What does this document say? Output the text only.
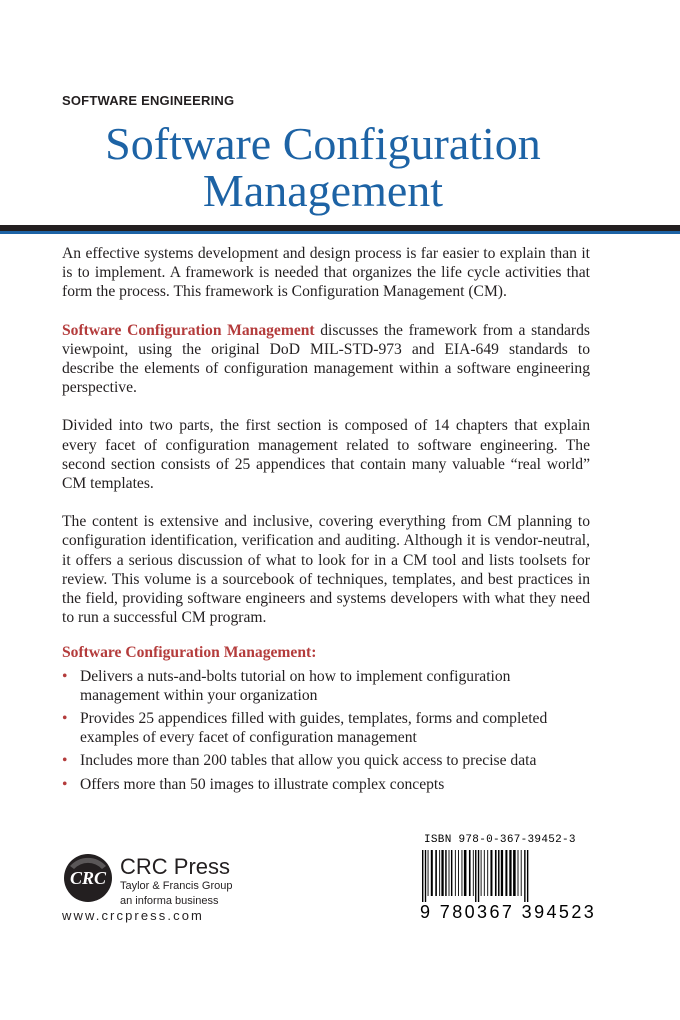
SOFTWARE ENGINEERING
Software Configuration
Management

An effective systems development and design process is far easier to explain than it is to implement. A framework is needed that organizes the life cycle activities that form the process. This framework is Configuration Management (CM).

Software Configuration Management discusses the framework from a standards viewpoint, using the original DoD MIL-STD-973 and EIA-649 standards to describe the elements of configuration management within a software engineering perspective.

Divided into two parts, the first section is composed of 14 chapters that explain every facet of configuration management related to software engineering. The second section consists of 25 appendices that contain many valuable “real world” CM templates.

The content is extensive and inclusive, covering everything from CM planning to configuration identification, verification and auditing. Although it is vendor-neutral, it offers a serious discussion of what to look for in a CM tool and lists toolsets for review. This volume is a sourcebook of techniques, templates, and best practices in the field, providing software engineers and systems developers with what they need to run a successful CM program.

Software Configuration Management:
• Delivers a nuts-and-bolts tutorial on how to implement configuration management within your organization
• Provides 25 appendices filled with guides, templates, forms and completed examples of every facet of configuration management
• Includes more than 200 tables that allow you quick access to precise data
• Offers more than 50 images to illustrate complex concepts
CRC CRC Press
Taylor & Francis Group
an informa business
www.crcpress.com
ISBN 978-0-367-39452-3
9 780367 394523
